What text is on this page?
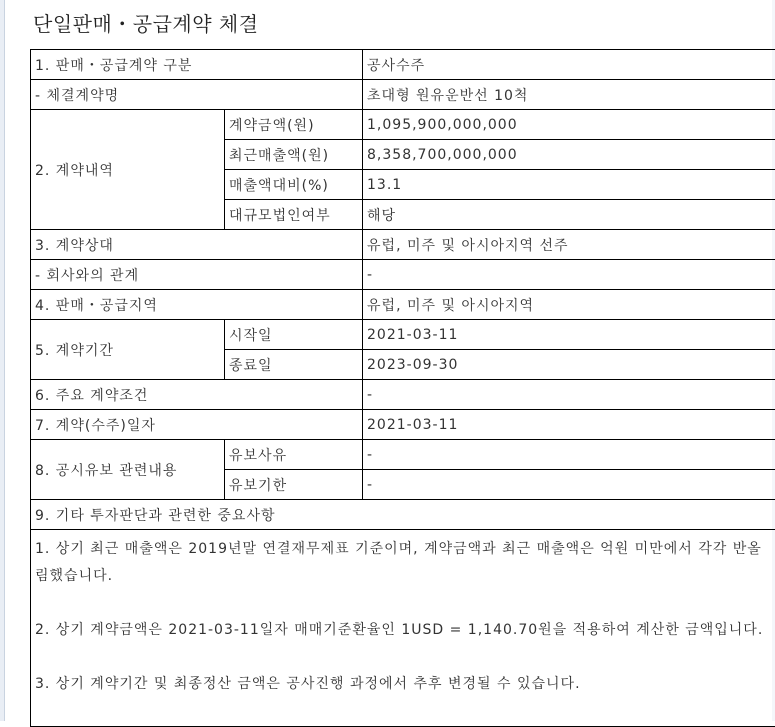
단일판매・공급계약 체결
1. 판매・공급계약 구분		공사수주
- 체결계약명		초대형 원유운반선 10척
2. 계약내역	계약금액(원)	1,095,900,000,000
	최근매출액(원)	8,358,700,000,000
	매출액대비(%)	13.1
	대규모법인여부	해당
3. 계약상대		유럽, 미주 및 아시아지역 선주
- 회사와의 관계		-
4. 판매・공급지역		유럽, 미주 및 아시아지역
5. 계약기간	시작일	2021-03-11
	종료일	2023-09-30
6. 주요 계약조건		-
7. 계약(수주)일자		2021-03-11
8. 공시유보 관련내용	유보사유	-
	유보기한	-
9. 기타 투자판단과 관련한 중요사항		

1. 상기 최근 매출액은 2019년말 연결재무제표 기준이며, 계약금액과 최근 매출액은 억원 미만에서 각각 반올림했습니다.
2. 상기 계약금액은 2021-03-11일자 매매기준환율인 1USD = 1,140.70원을 적용하여 계산한 금액입니다.
3. 상기 계약기간 및 최종정산 금액은 공사진행 과정에서 추후 변경될 수 있습니다.		
